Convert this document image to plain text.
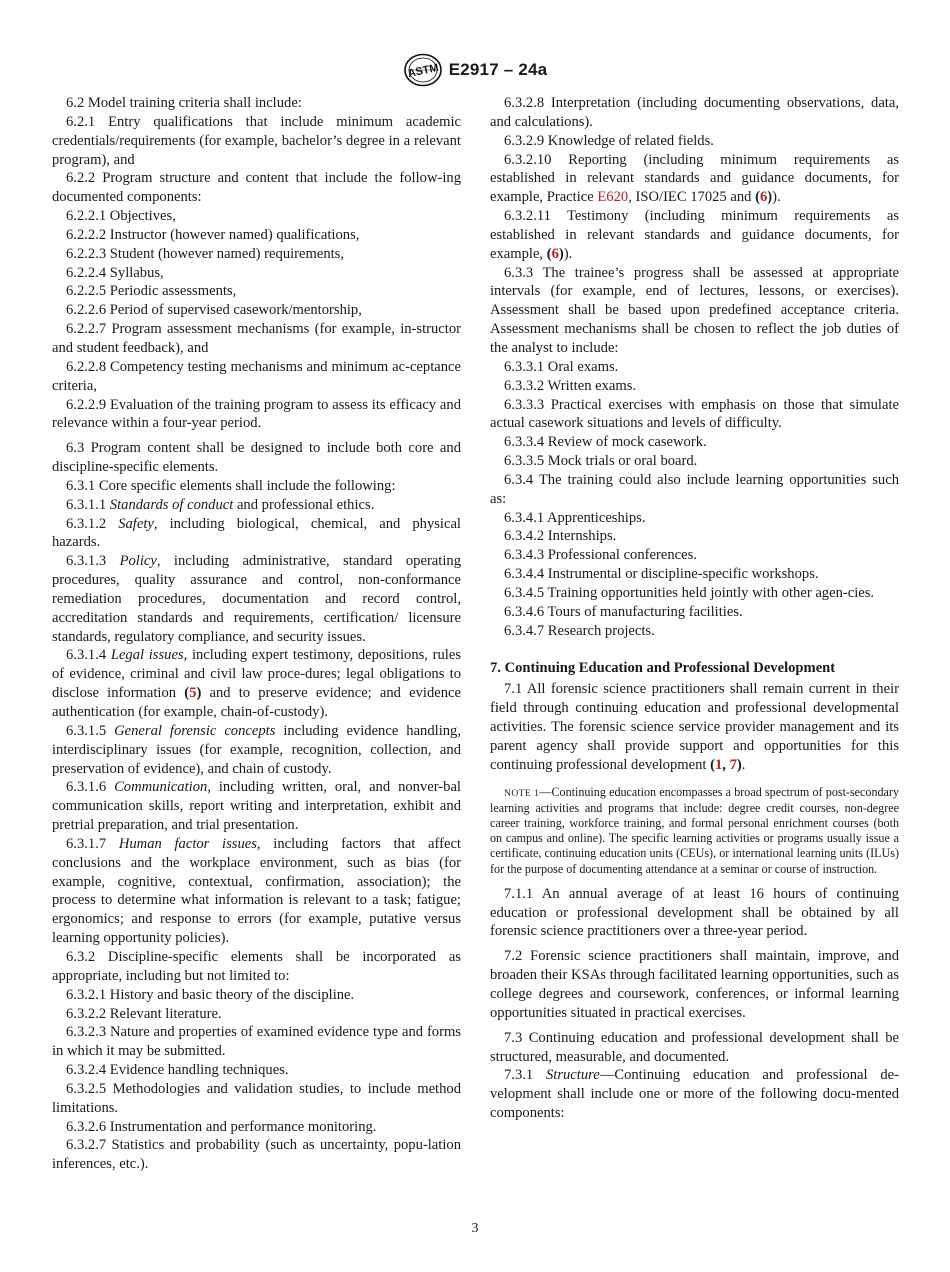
ASTM E2917 – 24a

6.2 Model training criteria shall include:

6.2.1 Entry qualifications that include minimum academic credentials/requirements (for example, bachelor’s degree in a relevant program), and

6.2.2 Program structure and content that include the follow-ing documented components:

6.2.2.1 Objectives,

6.2.2.2 Instructor (however named) qualifications,

6.2.2.3 Student (however named) requirements,

6.2.2.4 Syllabus,

6.2.2.5 Periodic assessments,

6.2.2.6 Period of supervised casework/mentorship,

6.2.2.7 Program assessment mechanisms (for example, in-structor and student feedback), and

6.2.2.8 Competency testing mechanisms and minimum ac-ceptance criteria,

6.2.2.9 Evaluation of the training program to assess its efficacy and relevance within a four-year period.

6.3 Program content shall be designed to include both core and discipline-specific elements.

6.3.1 Core specific elements shall include the following:

6.3.1.1 Standards of conduct and professional ethics.

6.3.1.2 Safety, including biological, chemical, and physical hazards.

6.3.1.3 Policy, including administrative, standard operating procedures, quality assurance and control, non-conformance remediation procedures, documentation and record control, accreditation standards and requirements, certification/ licensure standards, regulatory compliance, and security issues.

6.3.1.4 Legal issues, including expert testimony, depositions, rules of evidence, criminal and civil law proce-dures; legal obligations to disclose information (5) and to preserve evidence; and evidence authentication (for example, chain-of-custody).

6.3.1.5 General forensic concepts including evidence handling, interdisciplinary issues (for example, recognition, collection, and preservation of evidence), and chain of custody.

6.3.1.6 Communication, including written, oral, and nonver-bal communication skills, report writing and interpretation, exhibit and pretrial preparation, and trial presentation.

6.3.1.7 Human factor issues, including factors that affect conclusions and the workplace environment, such as bias (for example, cognitive, contextual, confirmation, association); the process to determine what information is relevant to a task; fatigue; ergonomics; and response to errors (for example, putative versus learning opportunity policies).

6.3.2 Discipline-specific elements shall be incorporated as appropriate, including but not limited to:

6.3.2.1 History and basic theory of the discipline.

6.3.2.2 Relevant literature.

6.3.2.3 Nature and properties of examined evidence type and forms in which it may be submitted.

6.3.2.4 Evidence handling techniques.

6.3.2.5 Methodologies and validation studies, to include method limitations.

6.3.2.6 Instrumentation and performance monitoring.

6.3.2.7 Statistics and probability (such as uncertainty, popu-lation inferences, etc.).

6.3.2.8 Interpretation (including documenting observations, data, and calculations).

6.3.2.9 Knowledge of related fields.

6.3.2.10 Reporting (including minimum requirements as established in relevant standards and guidance documents, for example, Practice E620, ISO/IEC 17025 and (6)).

6.3.2.11 Testimony (including minimum requirements as established in relevant standards and guidance documents, for example, (6)).

6.3.3 The trainee’s progress shall be assessed at appropriate intervals (for example, end of lectures, lessons, or exercises). Assessment shall be based upon predefined acceptance criteria. Assessment mechanisms shall be chosen to reflect the job duties of the analyst to include:

6.3.3.1 Oral exams.

6.3.3.2 Written exams.

6.3.3.3 Practical exercises with emphasis on those that simulate actual casework situations and levels of difficulty.

6.3.3.4 Review of mock casework.

6.3.3.5 Mock trials or oral board.

6.3.4 The training could also include learning opportunities such as:

6.3.4.1 Apprenticeships.

6.3.4.2 Internships.

6.3.4.3 Professional conferences.

6.3.4.4 Instrumental or discipline-specific workshops.

6.3.4.5 Training opportunities held jointly with other agen-cies.

6.3.4.6 Tours of manufacturing facilities.

6.3.4.7 Research projects.

7. Continuing Education and Professional Development

7.1 All forensic science practitioners shall remain current in their field through continuing education and professional developmental activities. The forensic science service provider management and its parent agency shall provide support and opportunities for this continuing professional development (1, 7).

NOTE 1—Continuing education encompasses a broad spectrum of post-secondary learning activities and programs that include: degree credit courses, non-degree career training, workforce training, and formal personal enrichment courses (both on campus and online). The specific learning activities or programs usually issue a certificate, continuing education units (CEUs), or international learning units (ILUs) for the purpose of documenting attendance at a seminar or course of instruction.

7.1.1 An annual average of at least 16 hours of continuing education or professional development shall be obtained by all forensic science practitioners over a three-year period.

7.2 Forensic science practitioners shall maintain, improve, and broaden their KSAs through facilitated learning opportunities, such as college degrees and coursework, conferences, or informal learning opportunities situated in practical exercises.

7.3 Continuing education and professional development shall be structured, measurable, and documented.

7.3.1 Structure—Continuing education and professional de-velopment shall include one or more of the following docu-mented components:

3
